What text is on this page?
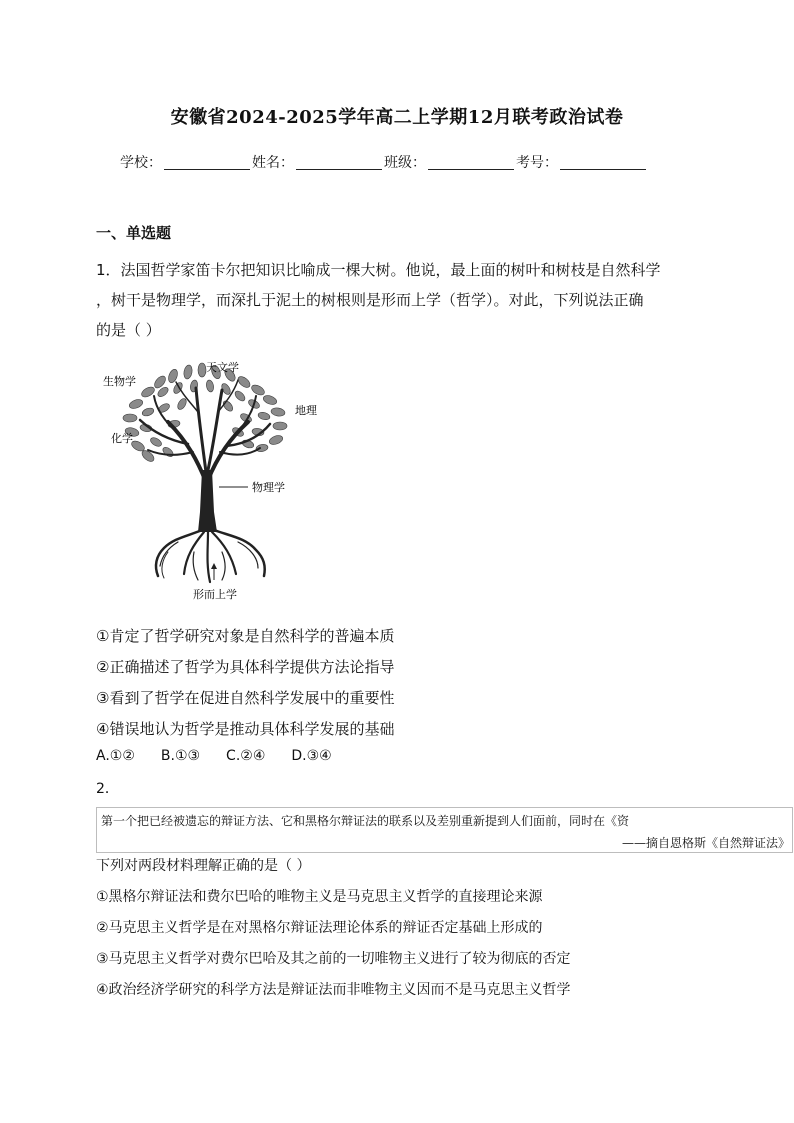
安徽省2024-2025学年高二上学期12月联考政治试卷
学校：	姓名：	班级：	考号：
一、单选题
1．法国哲学家笛卡尔把知识比喻成一棵大树。他说，最上面的树叶和树枝是自然科学
，树干是物理学，而深扎于泥土的树根则是形而上学（哲学）。对此，下列说法正确
的是（ ）
天文学
生物学
地理
化学
物理学
形而上学
①肯定了哲学研究对象是自然科学的普遍本质
②正确描述了哲学为具体科学提供方法论指导
③看到了哲学在促进自然科学发展中的重要性
④错误地认为哲学是推动具体科学发展的基础
A.①② B.①③ C.②④ D.③④
2．
第一个把已经被遗忘的辩证方法、它和黑格尔辩证法的联系以及差别重新提到人们面前，同时在《资
——摘自恩格斯《自然辩证法》
下列对两段材料理解正确的是（ ）
①黑格尔辩证法和费尔巴哈的唯物主义是马克思主义哲学的直接理论来源
②马克思主义哲学是在对黑格尔辩证法理论体系的辩证否定基础上形成的
③马克思主义哲学对费尔巴哈及其之前的一切唯物主义进行了较为彻底的否定
④政治经济学研究的科学方法是辩证法而非唯物主义因而不是马克思主义哲学
